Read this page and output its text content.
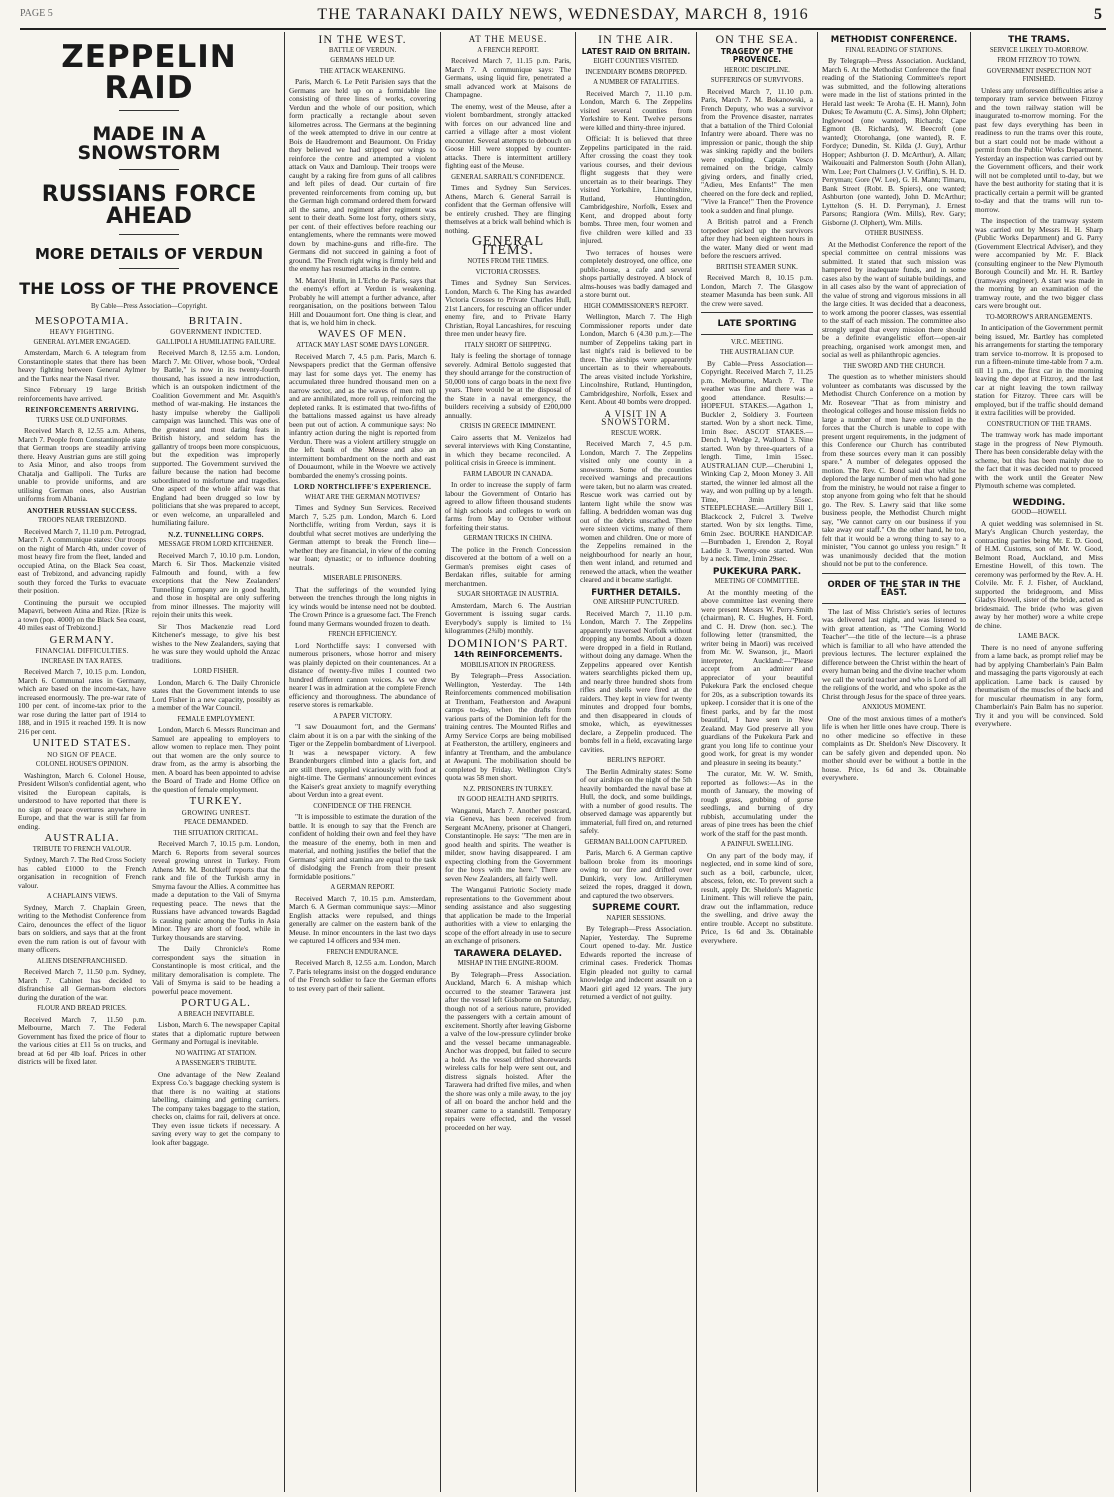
PAGE 5	THE TARANAKI DAILY NEWS, WEDNESDAY, MARCH 8, 1916	5
ZEPPELIN RAID
MADE IN A SNOWSTORM
RUSSIANS FORCE AHEAD
MORE DETAILS OF VERDUN
THE LOSS OF THE PROVENCE
By Cable—Press Association—Copyright.
MESOPOTAMIA.
HEAVY FIGHTING.
GENERAL AYLMER ENGAGED.

Amsterdam, March 6. A telegram from Constantinople states that there has been heavy fighting between General Aylmer and the Turks near the Nasal river.

Since February 19 large British reinforcements have arrived.

REINFORCEMENTS ARRIVING.
TURKS USE OLD UNIFORMS.

Received March 8, 12.55 a.m. Athens, March 7. People from Constantinople state that German troops are steadily arriving there. Heavy Austrian guns are still going to Asia Minor, and also troops from Chatalja and Gallipoli. The Turks are unable to provide uniforms, and are utilising German ones, also Austrian uniforms from Albania.

ANOTHER RUSSIAN SUCCESS.
TROOPS NEAR TREBIZOND.

Received March 7, 11.10 p.m. Petrograd, March 7. A communique states: Our troops on the night of March 4th, under cover of most heavy fire from the fleet, landed and occupied Atina, on the Black Sea coast, east of Trebizond, and advancing rapidly south they forced the Turks to evacuate their position.

Continuing the pursuit we occupied Mapavri, between Atina and Rize. [Rize is a town (pop. 4000) on the Black Sea coast, 40 miles east of Trebizond.]

GERMANY.
FINANCIAL DIFFICULTIES.
INCREASE IN TAX RATES.

Received March 7, 10.15 p.m. London, March 6. Communal rates in Germany, which are based on the income-tax, have increased enormously. The pre-war rate of 100 per cent. of income-tax prior to the war rose during the latter part of 1914 to 188, and in 1915 it reached 199. It is now 216 per cent.

UNITED STATES.
NO SIGN OF PEACE.
COLONEL HOUSE'S OPINION.

Washington, March 6. Colonel House, President Wilson's confidential agent, who visited the European capitals, is understood to have reported that there is no sign of peace overtures anywhere in Europe, and that the war is still far from ending.

AUSTRALIA.
TRIBUTE TO FRENCH VALOUR.

Sydney, March 7. The Red Cross Society has cabled £1000 to the French organisation in recognition of French valour.

A CHAPLAIN'S VIEWS.

Sydney, March 7. Chaplain Green, writing to the Methodist Conference from Cairo, denounces the effect of the liquor bars on soldiers, and says that at the front even the rum ration is out of favour with many officers.

ALIENS DISENFRANCHISED.

Received March 7, 11.50 p.m. Sydney, March 7. Cabinet has decided to disfranchise all German-born electors during the duration of the war.

FLOUR AND BREAD PRICES.

Received March 7, 11.50 p.m. Melbourne, March 7. The Federal Government has fixed the price of flour to the various cities at £11 5s on trucks, and bread at 6d per 4lb loaf. Prices in other districts will be fixed later.

BRITAIN.
GOVERNMENT INDICTED.
GALLIPOLI A HUMILIATING FAILURE.

Received March 8, 12.55 a.m. London, March 7. Mr. Oliver, whose book, "Ordeal by Battle," is now in its twenty-fourth thousand, has issued a new introduction, which is an outspoken indictment of the Coalition Government and Mr. Asquith's method of war-making. He instances the hasty impulse whereby the Gallipoli campaign was launched. This was one of the greatest and most daring feats in British history, and seldom has the gallantry of troops been more conspicuous, but the expedition was improperly supported. The Government survived the failure because the nation had become subordinated to misfortune and tragedies. One aspect of the whole affair was that England had been drugged so low by politicians that she was prepared to accept, or even welcome, an unparalleled and humiliating failure.

N.Z. TUNNELLING CORPS.
MESSAGE FROM LORD KITCHENER.

Received March 7, 10.10 p.m. London, March 6. Sir Thos. Mackenzie visited Falmouth and found, with a few exceptions that the New Zealanders' Tunnelling Company are in good health, and those in hospital are only suffering from minor illnesses. The majority will rejoin their units this week.

Sir Thos Mackenzie read Lord Kitchener's message, to give his best wishes to the New Zealanders, saying that he was sure they would uphold the Anzac traditions.

LORD FISHER.

London, March 6. The Daily Chronicle states that the Government intends to use Lord Fisher in a new capacity, possibly as a member of the War Council.

FEMALE EMPLOYMENT.

London, March 6. Messrs Runciman and Samuel are appealing to employers to allow women to replace men. They point out that women are the only source to draw from, as the army is absorbing the men. A board has been appointed to advise the Board of Trade and Home Office on the question of female employment.

TURKEY.
GROWING UNREST.
PEACE DEMANDED.
THE SITUATION CRITICAL.

Received March 7, 10.15 p.m. London, March 6. Reports from several sources reveal growing unrest in Turkey. From Athens Mr. M. Botchkeff reports that the rank and file of the Turkish army in Smyrna favour the Allies. A committee has made a deputation to the Vali of Smyrna requesting peace. The news that the Russians have advanced towards Bagdad is causing panic among the Turks in Asia Minor. They are short of food, while in Turkey thousands are starving.

The Daily Chronicle's Rome correspondent says the situation in Constantinople is most critical, and the military demoralisation is complete. The Vali of Smyrna is said to be heading a powerful peace movement.

PORTUGAL.
A BREACH INEVITABLE.

Lisbon, March 6. The newspaper Capital states that a diplomatic rupture between Germany and Portugal is inevitable.

NO WAITING AT STATION.
A PASSENGER'S TRIBUTE.

One advantage of the New Zealand Express Co.'s baggage checking system is that there is no waiting at stations labelling, claiming and getting carriers. The company takes baggage to the station, checks on, claims for rail, delivers at once. They even issue tickets if necessary. A saving every way to get the company to look after baggage.

IN THE WEST.
BATTLE OF VERDUN.
GERMANS HELD UP.
THE ATTACK WEAKENING.

Paris, March 6. Le Petit Parisien says that the Germans are held up on a formidable line consisting of three lines of works, covering Verdun and the whole of our position, which form practically a rectangle about seven kilometres across. The Germans at the beginning of the week attempted to drive in our centre at Bois de Haudremont and Beaumont. On Friday they believed we had stripped our wings to reinforce the centre and attempted a violent attack on Vaux and Damloup. Their troops were caught by a raking fire from guns of all calibres and left piles of dead. Our curtain of fire prevented reinforcements from coming up, but the German high command ordered them forward all the same, and regiment after regiment was sent to their death. Some lost forty, others sixty, per cent. of their effectives before reaching our entanglements, where the remnants were mowed down by machine-guns and rifle-fire. The Germans did not succeed in gaining a foot of ground. The French right wing is firmly held and the enemy has resumed attacks in the centre.

M. Marcel Hutin, in L'Echo de Paris, says that the enemy's effort at Verdun is weakening. Probably he will attempt a further advance, after reorganisation, on the positions between Talou Hill and Douaumont fort. One thing is clear, and that is, we hold him in check.

WAVES OF MEN.
ATTACK MAY LAST SOME DAYS LONGER.

Received March 7, 4.5 p.m. Paris, March 6. Newspapers predict that the German offensive may last for some days yet. The enemy has accumulated three hundred thousand men on a narrow sector, and as the waves of men roll up and are annihilated, more roll up, reinforcing the depleted ranks. It is estimated that two-fifths of the battalions massed against us have already been put out of action. A communique says: No infantry action during the night is reported from Verdun. There was a violent artillery struggle on the left bank of the Meuse and also an intermittent bombardment on the north and east of Douaumont, while in the Woevre we actively bombarded the enemy's crossing points.

LORD NORTHCLIFFE'S EXPERIENCE.
WHAT ARE THE GERMAN MOTIVES?

Times and Sydney Sun Services. Received March 7, 5.25 p.m. London, March 6. Lord Northcliffe, writing from Verdun, says it is doubtful what secret motives are underlying the German attempt to break the French line—whether they are financial, in view of the coming war loan; dynastic; or to influence doubting neutrals.

MISERABLE PRISONERS.

That the sufferings of the wounded lying between the trenches through the long nights in icy winds would be intense need not be doubted. The Crown Prince is a gruesome fact. The French found many Germans wounded frozen to death.

FRENCH EFFICIENCY.

Lord Northcliffe says: I conversed with numerous prisoners, whose horror and misery was plainly depicted on their countenances. At a distance of twenty-five miles I counted two hundred different cannon voices. As we drew nearer I was in admiration at the complete French efficiency and thoroughness. The abundance of reserve stores is remarkable.

A PAPER VICTORY.

"I saw Douaumont fort, and the Germans' claim about it is on a par with the sinking of the Tiger or the Zeppelin bombardment of Liverpool. It was a newspaper victory. A few Brandenburgers climbed into a glacis fort, and are still there, supplied vicariously with food at night-time. The Germans' announcement evinces the Kaiser's great anxiety to magnify everything about Verdun into a great event.

CONFIDENCE OF THE FRENCH.

"It is impossible to estimate the duration of the battle. It is enough to say that the French are confident of holding their own and feel they have the measure of the enemy, both in men and material, and nothing justifies the belief that the Germans' spirit and stamina are equal to the task of dislodging the French from their present formidable positions."

A GERMAN REPORT.

Received March 7, 10.15 p.m. Amsterdam, March 6. A German communique says:—Minor English attacks were repulsed, and things generally are calmer on the eastern bank of the Meuse. In minor encounters in the last two days we captured 14 officers and 934 men.

FRENCH ENDURANCE.

Received March 8, 12.55 a.m. London, March 7. Paris telegrams insist on the dogged endurance of the French soldier to face the German efforts to test every part of their salient.

AT THE MEUSE.
A FRENCH REPORT.

Received March 7, 11.15 p.m. Paris, March 7. A communique says: The Germans, using liquid fire, penetrated a small advanced work at Maisons de Champagne.

The enemy, west of the Meuse, after a violent bombardment, strongly attacked with forces on our advanced line and carried a village after a most violent encounter. Several attempts to debouch on Goose Hill were stopped by counter-attacks. There is intermittent artillery fighting east of the Meuse.

GENERAL SARRAIL'S CONFIDENCE.

Times and Sydney Sun Services. Athens, March 6. General Sarrail is confident that the German offensive will be entirely crushed. They are flinging themselves at a brick wall behind which is nothing.

GENERAL ITEMS.
NOTES FROM THE TIMES.
VICTORIA CROSSES.

Times and Sydney Sun Services. London, March 6. The King has awarded Victoria Crosses to Private Charles Hull, 21st Lancers, for rescuing an officer under enemy fire, and to Private Harry Christian, Royal Lancashires, for rescuing three men under heavy fire.

ITALY SHORT OF SHIPPING.

Italy is feeling the shortage of tonnage severely. Admiral Bettolo suggested that they should arrange for the construction of 50,000 tons of cargo boats in the next five years. There would be at the disposal of the State in a naval emergency, the builders receiving a subsidy of £200,000 annually.

CRISIS IN GREECE IMMINENT.

Cairo asserts that M. Venizelos had several interviews with King Constantine, in which they became reconciled. A political crisis in Greece is imminent.

FARM LABOUR IN CANADA.

In order to increase the supply of farm labour the Government of Ontario has agreed to allow fifteen thousand students of high schools and colleges to work on farms from May to October without forfeiting their status.

GERMAN TRICKS IN CHINA.

The police in the French Concession discovered at the bottom of a well on a German's premises eight cases of Berdakan rifles, suitable for arming merchantmen.

SUGAR SHORTAGE IN AUSTRIA.

Amsterdam, March 6. The Austrian Government is issuing sugar cards. Everybody's supply is limited to 1¼ kilogrammes (2¾lb) monthly.

DOMINION'S PART.
14th REINFORCEMENTS.
MOBILISATION IN PROGRESS.

By Telegraph—Press Association. Wellington, Yesterday. The 14th Reinforcements commenced mobilisation at Trentham, Featherston and Awapuni camps to-day, when the drafts from various parts of the Dominion left for the training centres. The Mounted Rifles and Army Service Corps are being mobilised at Featherston, the artillery, engineers and infantry at Trentham, and the ambulance at Awapuni. The mobilisation should be completed by Friday. Wellington City's quota was 58 men short.

N.Z. PRISONERS IN TURKEY.
IN GOOD HEALTH AND SPIRITS.

Wanganui, March 7. Another postcard, via Geneva, has been received from Sergeant McAneny, prisoner at Changeri, Constantinople. He says: "The men are in good health and spirits. The weather is milder, snow having disappeared. I am expecting clothing from the Government for the boys with me here." There are seven New Zealanders, all fairly well.

The Wanganui Patriotic Society made representations to the Government about sending assistance and also suggesting that application be made to the Imperial authorities with a view to enlarging the scope of the effort already in use to secure an exchange of prisoners.

TARAWERA DELAYED.
MISHAP IN THE ENGINE-ROOM.

By Telegraph—Press Association. Auckland, March 6. A mishap which occurred to the steamer Tarawera just after the vessel left Gisborne on Saturday, though not of a serious nature, provided the passengers with a certain amount of excitement. Shortly after leaving Gisborne a valve of the low-pressure cylinder broke and the vessel became unmanageable. Anchor was dropped, but failed to secure a hold. As the vessel drifted shorewards wireless calls for help were sent out, and distress signals hoisted. After the Tarawera had drifted five miles, and when the shore was only a mile away, to the joy of all on board the anchor held and the steamer came to a standstill. Temporary repairs were effected, and the vessel proceeded on her way.

IN THE AIR.
LATEST RAID ON BRITAIN.
EIGHT COUNTIES VISITED.
INCENDIARY BOMBS DROPPED.
A NUMBER OF FATALITIES.

Received March 7, 11.10 p.m. London, March 6. The Zeppelins visited several counties from Yorkshire to Kent. Twelve persons were killed and thirty-three injured.

Official: It is believed that three Zeppelins participated in the raid. After crossing the coast they took various courses, and their devious flight suggests that they were uncertain as to their bearings. They visited Yorkshire, Lincolnshire, Rutland, Huntingdon, Cambridgeshire, Norfolk, Essex and Kent, and dropped about forty bombs. Three men, four women and five children were killed and 33 injured.

Two terraces of houses were completely destroyed, one office, one public-house, a cafe and several shops partially destroyed. A block of alms-houses was badly damaged and a store burnt out.

HIGH COMMISSIONER'S REPORT.

Wellington, March 7. The High Commissioner reports under date London, March 6 (4.30 p.m.):—The number of Zeppelins taking part in last night's raid is believed to be three. The airships were apparently uncertain as to their whereabouts. The areas visited include Yorkshire, Lincolnshire, Rutland, Huntingdon, Cambridgeshire, Norfolk, Essex and Kent. About 40 bombs were dropped.

A VISIT IN A SNOWSTORM.
RESCUE WORK.

Received March 7, 4.5 p.m. London, March 7. The Zeppelins visited only one county in a snowstorm. Some of the counties received warnings and precautions were taken, but no alarm was created. Rescue work was carried out by lantern light while the snow was falling. A bedridden woman was dug out of the debris unscathed. There were sixteen victims, many of them women and children. One or more of the Zeppelins remained in the neighbourhood for nearly an hour, then went inland, and returned and renewed the attack, when the weather cleared and it became starlight.

FURTHER DETAILS.
ONE AIRSHIP PUNCTURED.

Received March 7, 11.10 p.m. London, March 7. The Zeppelins apparently traversed Norfolk without dropping any bombs. About a dozen were dropped in a field in Rutland, without doing any damage. When the Zeppelins appeared over Kentish waters searchlights picked them up, and nearly three hundred shots from rifles and shells were fired at the raiders. They kept in view for twenty minutes and dropped four bombs, and then disappeared in clouds of smoke, which, as eyewitnesses declare, a Zeppelin produced. The bombs fell in a field, excavating large cavities.

BERLIN'S REPORT.

The Berlin Admiralty states: Some of our airships on the night of the 5th heavily bombarded the naval base at Hull, the dock, and some buildings, with a number of good results. The observed damage was apparently but immaterial, full fired on, and returned safely.

GERMAN BALLOON CAPTURED.

Paris, March 6. A German captive balloon broke from its moorings owing to our fire and drifted over Dunkirk, very low. Artillerymen seized the ropes, dragged it down, and captured the two observers.

SUPREME COURT.
NAPIER SESSIONS.

By Telegraph—Press Association. Napier, Yesterday. The Supreme Court opened to-day. Mr. Justice Edwards reported the increase of criminal cases. Frederick Thomas Elgin pleaded not guilty to carnal knowledge and indecent assault on a Maori girl aged 12 years. The jury returned a verdict of not guilty.

ON THE SEA.
TRAGEDY OF THE PROVENCE.
HEROIC DISCIPLINE.
SUFFERINGS OF SURVIVORS.

Received March 7, 11.10 p.m. Paris, March 7. M. Bokanowski, a French Deputy, who was a survivor from the Provence disaster, narrates that a battalion of the Third Colonial Infantry were aboard. There was no impression or panic, though the ship was sinking rapidly and the boilers were exploding. Captain Vesco remained on the bridge, calmly giving orders, and finally cried, "Adieu, Mes Enfants!" The men cheered on the fore deck and replied, "Vive la France!" Then the Provence took a sudden and final plunge.

A British patrol and a French torpedoer picked up the survivors after they had been eighteen hours in the water. Many died or went mad before the rescuers arrived.

BRITISH STEAMER SUNK.

Received March 8, 10.15 p.m. London, March 7. The Glasgow steamer Masunda has been sunk. All the crew were saved.

LATE SPORTING
V.R.C. MEETING.
THE AUSTRALIAN CUP.

By Cable—Press Association—Copyright. Received March 7, 11.25 p.m. Melbourne, March 7. The weather was fine and there was a good attendance. Results:— HOPEFUL STAKES.—Agathon 1, Buckler 2, Soldiery 3. Fourteen started. Won by a short neck. Time, 1min 8sec. ASCOT STAKES.—Dench 1, Wedge 2, Wallond 3. Nine started. Won by three-quarters of a length. Time, 1min 15sec. AUSTRALIAN CUP.—Cherubini 1, Winking Cap 2, Moon Money 3. All started, the winner led almost all the way, and won pulling up by a length. Time, 3min 55sec. STEEPLECHASE.—Artillery Bill 1, Blackcock 2, Fulcrel 3. Twelve started. Won by six lengths. Time, 6min 2sec. BOURKE HANDICAP.—Burnbaden 1, Erendon 2, Royal Laddie 3. Twenty-one started. Won by a neck. Time, 1min 29sec.

PUKEKURA PARK.
MEETING OF COMMITTEE.

At the monthly meeting of the above committee last evening there were present Messrs W. Perry-Smith (chairman), R. C. Hughes, H. Ford, and C. H. Drew (hon. sec.). The following letter (transmitted, the writer being in Maori) was received from Mr. W. Swanson, jr., Maori interpreter, Auckland:—"Please accept from an admirer and appreciator of your beautiful Pukekura Park the enclosed cheque for 20s, as a subscription towards its upkeep. I consider that it is one of the finest parks, and by far the most beautiful, I have seen in New Zealand. May God preserve all you guardians of the Pukekura Park and grant you long life to continue your good work, for great is my wonder and pleasure in seeing its beauty."

The curator, Mr. W. W. Smith, reported as follows:—As in the month of January, the mowing of rough grass, grubbing of gorse seedlings, and burning of dry rubbish, accumulating under the areas of pine trees has been the chief work of the staff for the past month.

A PAINFUL SWELLING.

On any part of the body may, if neglected, end in some kind of sore, such as a boil, carbuncle, ulcer, abscess, felon, etc. To prevent such a result, apply Dr. Sheldon's Magnetic Liniment. This will relieve the pain, draw out the inflammation, reduce the swelling, and drive away the entire trouble. Accept no substitute. Price, 1s 6d and 3s. Obtainable everywhere.

METHODIST CONFERENCE.
FINAL READING OF STATIONS.

By Telegraph—Press Association. Auckland, March 6. At the Methodist Conference the final reading of the Stationing Committee's report was submitted, and the following alterations were made in the list of stations printed in the Herald last week: Te Aroha (E. H. Mann), John Dukes; Te Awamutu (C. A. Sims), John Olphert; Inglewood (one wanted), Richards; Cape Egmont (B. Richards), W. Beecroft (one wanted); Otorohanga, (one wanted), R. F. Fordyce; Dunedin, St. Kilda (J. Guy), Arthur Hopper; Ashburton (J. D. McArthur), A. Allan; Waikouaiti and Palmerston South (John Allan), Wm. Lee; Port Chalmers (J. V. Griffin), S. H. D. Perryman; Gore (W. Lee), G. H. Mann; Timaru, Bank Street (Robt. B. Spiers), one wanted; Ashburton (one wanted), John D. McArthur; Lyttelton (S. H. D. Perryman), J. Ernest Parsons; Rangiora (Wm. Mills), Rev. Gary; Gisborne (J. Olphert), Wm. Mills.

OTHER BUSINESS.

At the Methodist Conference the report of the special committee on central missions was submitted. It stated that such mission was hampered by inadequate funds, and in some cases also by the want of suitable buildings, and in all cases also by the want of appreciation of the value of strong and vigorous missions in all the large cities. It was decided that a deaconess, to work among the poorer classes, was essential to the staff of each mission. The committee also strongly urged that every mission there should be a definite evangelistic effort—open-air preaching, organised work amongst men, and social as well as philanthropic agencies.

THE SWORD AND THE CHURCH.

The question as to whether ministers should volunteer as combatants was discussed by the Methodist Church Conference on a motion by Mr. Rosevear "That as from ministry and theological colleges and house mission fields no large a number of men have enlisted in the forces that the Church is unable to cope with present urgent requirements, in the judgment of this Conference our Church has contributed from these sources every man it can possibly spare." A number of delegates opposed the motion. The Rev. C. Bond said that whilst he deplored the large number of men who had gone from the ministry, he would not raise a finger to stop anyone from going who felt that he should go. The Rev. S. Lawry said that like some business people, the Methodist Church might say, "We cannot carry on our business if you take away our staff." On the other hand, he too, felt that it would be a wrong thing to say to a minister, "You cannot go unless you resign." It was unanimously decided that the motion should not be put to the conference.

ORDER OF THE STAR IN THE EAST.

The last of Miss Christie's series of lectures was delivered last night, and was listened to with great attention, as "The Coming World Teacher"—the title of the lecture—is a phrase which is familiar to all who have attended the previous lectures. The lecturer explained the difference between the Christ within the heart of every human being and the divine teacher whom we call the world teacher and who is Lord of all the religions of the world, and who spoke as the Christ through Jesus for the space of three years.

ANXIOUS MOMENT.

One of the most anxious times of a mother's life is when her little ones have croup. There is no other medicine so effective in these complaints as Dr. Sheldon's New Discovery. It can be safely given and depended upon. No mother should ever be without a bottle in the house. Price, 1s 6d and 3s. Obtainable everywhere.

THE TRAMS.
SERVICE LIKELY TO-MORROW.
FROM FITZROY TO TOWN.
GOVERNMENT INSPECTION NOT FINISHED.

Unless any unforeseen difficulties arise a temporary tram service between Fitzroy and the town railway station will be inaugurated to-morrow morning. For the past few days everything has been in readiness to run the trams over this route, but a start could not be made without a permit from the Public Works Department. Yesterday an inspection was carried out by the Government officers, and their work will not be completed until to-day, but we have the best authority for stating that it is practically certain a permit will be granted to-day and that the trams will run to-morrow.

The inspection of the tramway system was carried out by Messrs H. H. Sharp (Public Works Department) and G. Parry (Government Electrical Adviser), and they were accompanied by Mr. F. Black (consulting engineer to the New Plymouth Borough Council) and Mr. H. R. Bartley (tramways engineer). A start was made in the morning by an examination of the tramway route, and the two bigger class cars were brought out.

TO-MORROW'S ARRANGEMENTS.

In anticipation of the Government permit being issued, Mr. Bartley has completed his arrangements for starting the temporary tram service to-morrow. It is proposed to run a fifteen-minute time-table from 7 a.m. till 11 p.m., the first car in the morning leaving the depot at Fitzroy, and the last car at night leaving the town railway station for Fitzroy. Three cars will be employed, but if the traffic should demand it extra facilities will be provided.

CONSTRUCTION OF THE TRAMS.

The tramway work has made important stage in the progress of New Plymouth. There has been considerable delay with the scheme, but this has been mainly due to the fact that it was decided not to proceed with the work until the Greater New Plymouth scheme was completed.

WEDDING.
GOOD—HOWELL

A quiet wedding was solemnised in St. Mary's Anglican Church yesterday, the contracting parties being Mr. E. D. Good, of H.M. Customs, son of Mr. W. Good, Belmont Road, Auckland, and Miss Ernestine Howell, of this town. The ceremony was performed by the Rev. A. H. Colvile. Mr. F. J. Fisher, of Auckland, supported the bridegroom, and Miss Gladys Howell, sister of the bride, acted as bridesmaid. The bride (who was given away by her mother) wore a white crepe de chine.

LAME BACK.

There is no need of anyone suffering from a lame back, as prompt relief may be had by applying Chamberlain's Pain Balm and massaging the parts vigorously at each application. Lame back is caused by rheumatism of the muscles of the back and for muscular rheumatism in any form, Chamberlain's Pain Balm has no superior. Try it and you will be convinced. Sold everywhere.
